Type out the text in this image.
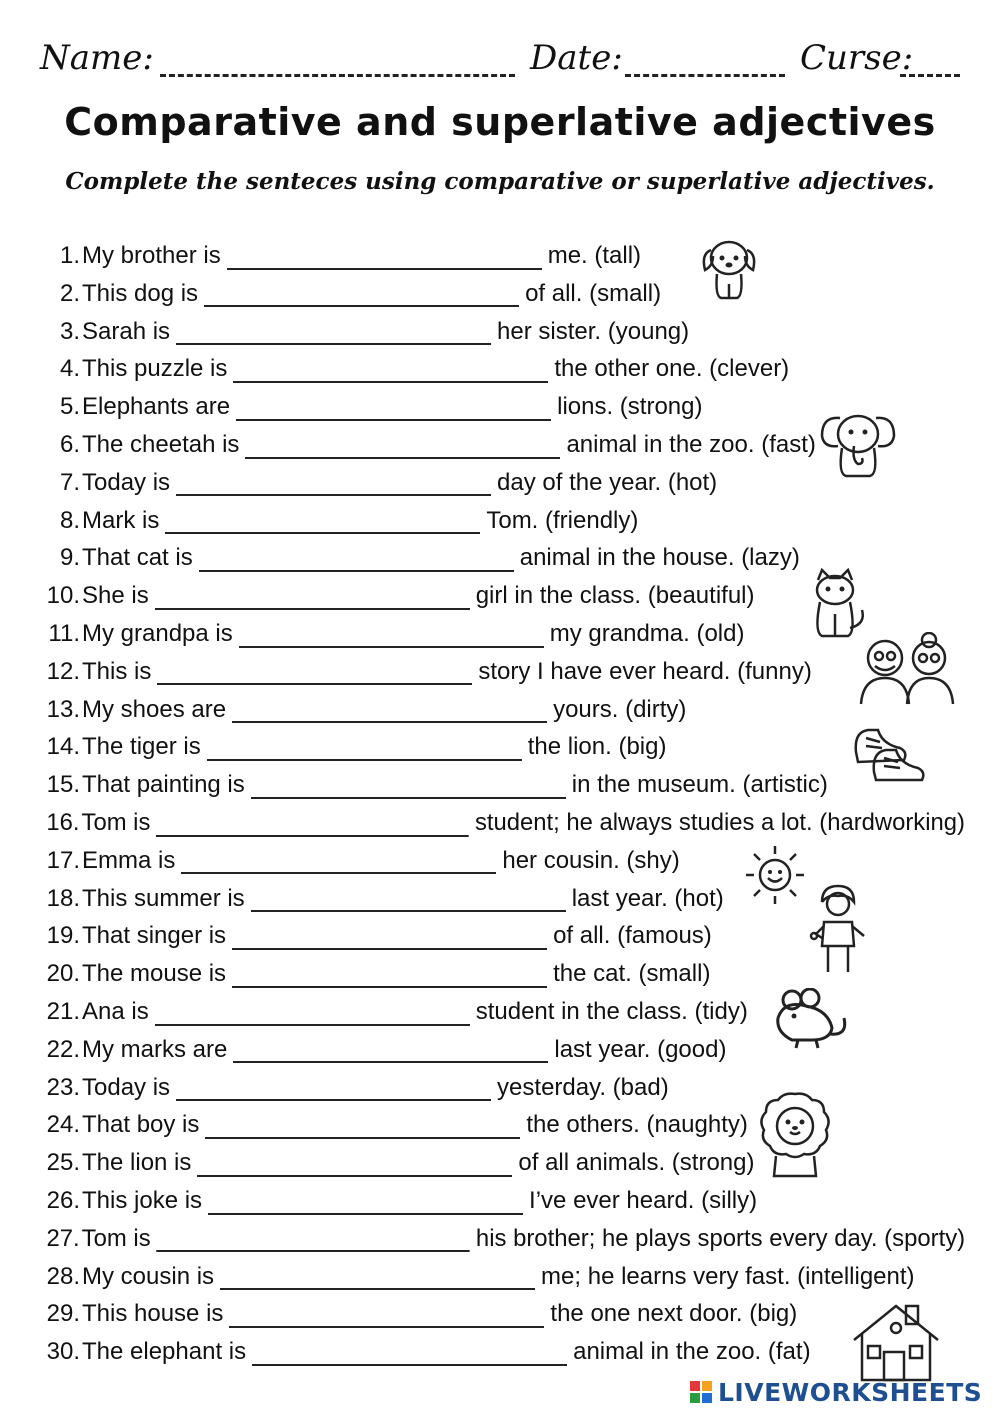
Name:	Date:	Curse:
Comparative and superlative adjectives
Complete the senteces using comparative or superlative adjectives.
1.My brother is	me. (tall)
2.This dog is	of all. (small)
3.Sarah is	her sister. (young)
4.This puzzle is	the other one. (clever)
5.Elephants are	lions. (strong)
6.The cheetah is	animal in the zoo. (fast)
7.Today is	day of the year. (hot)
8.Mark is	Tom. (friendly)
9.That cat is	animal in the house. (lazy)
10.She is	girl in the class. (beautiful)
11.My grandpa is	my grandma. (old)
12.This is	story I have ever heard. (funny)
13.My shoes are	yours. (dirty)
14.The tiger is	the lion. (big)
15.That painting is	in the museum. (artistic)
16.Tom is	student; he always studies a lot. (hardworking)
17.Emma is	her cousin. (shy)
18.This summer is	last year. (hot)
19.That singer is	of all. (famous)
20.The mouse is	the cat. (small)
21.Ana is	student in the class. (tidy)
22.My marks are	last year. (good)
23.Today is	yesterday. (bad)
24.That boy is	the others. (naughty)
25.The lion is	of all animals. (strong)
26.This joke is	I’ve ever heard. (silly)
27.Tom is	his brother; he plays sports every day. (sporty)
28.My cousin is	me; he learns very fast. (intelligent)
29.This house is	the one next door. (big)
30.The elephant is	animal in the zoo. (fat)
LIVEWORKSHEETS
